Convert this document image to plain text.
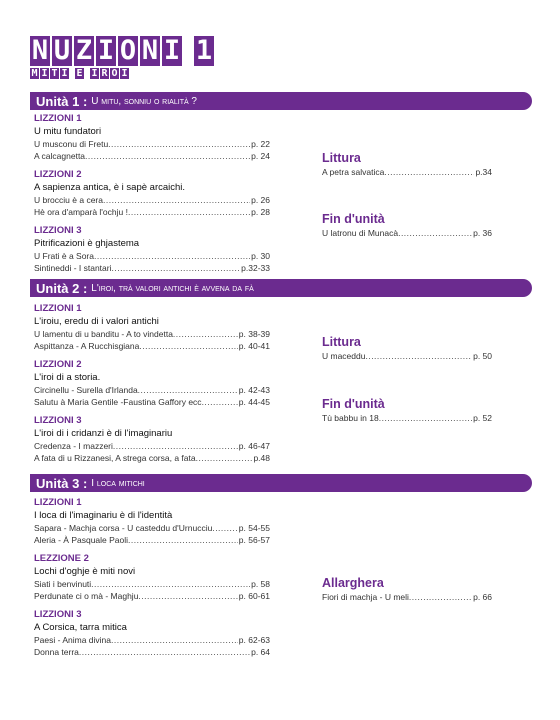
N U Z I O N I 1
M I T I E I R O I
Unità 1 : U mitu, sonniu o rialità ?
LIZZIONI 1
U mitu fundatori
U musconu di Fretu .....	p. 22
A calcagnetta .....	p. 24
LIZZIONI 2
A sapienza antica, è i sapè arcaichi.
U brocciu è a cera .....	p. 26
Hè ora d'amparà l'ochju ! .....	p. 28
LIZZIONI 3
Pitrificazioni è ghjastema
U Frati è a Sora .....	p. 30
Sintineddi - I stantari .....	p.32-33
Littura
A petra salvatica .....	p.34
Fin d'unità
U latronu di Munacà .....	p. 36
Unità 2 : L'iroi, trà valori antichi è avvena da fà
LIZZIONI 1
L'iroiu, eredu di i valori antichi
U lamentu di u banditu - A to vindetta .....	p. 38-39
Aspittanza - A Rucchisgiana .....	p. 40-41
LIZZIONI 2
L'iroi di a storia.
Circinellu - Surella d'Irlanda .....	p. 42-43
Salutu à Maria Gentile -Faustina Gaffory ecc .....	p. 44-45
LIZZIONI 3
L'iroi di i cridanzi è di l'imaginariu
Credenza - I mazzeri .....	p. 46-47
A fata di u Rizzanesi, A strega corsa, a fata .....	p.48
Littura
U maceddu .....	p. 50
Fin d'unità
Tù babbu in 18 .....	p. 52
Unità 3 : I loca mitichi
LIZZIONI 1
I loca di l'imaginariu è di l'identità
Sapara - Machja corsa - U casteddu d'Urnucciu .....	p. 54-55
Aleria - À Pasquale Paoli .....	p. 56-57
LEZZIONE 2
Lochi d'oghje è miti novi
Siati i benvinuti .....	p. 58
Perdunate ci o mà - Maghju .....	p. 60-61
LIZZIONI 3
A Corsica, tarra mitica
Paesi - Anima divina .....	p. 62-63
Donna terra .....	p. 64
Allarghera
Fiori di machja - U meli .....	p. 66
